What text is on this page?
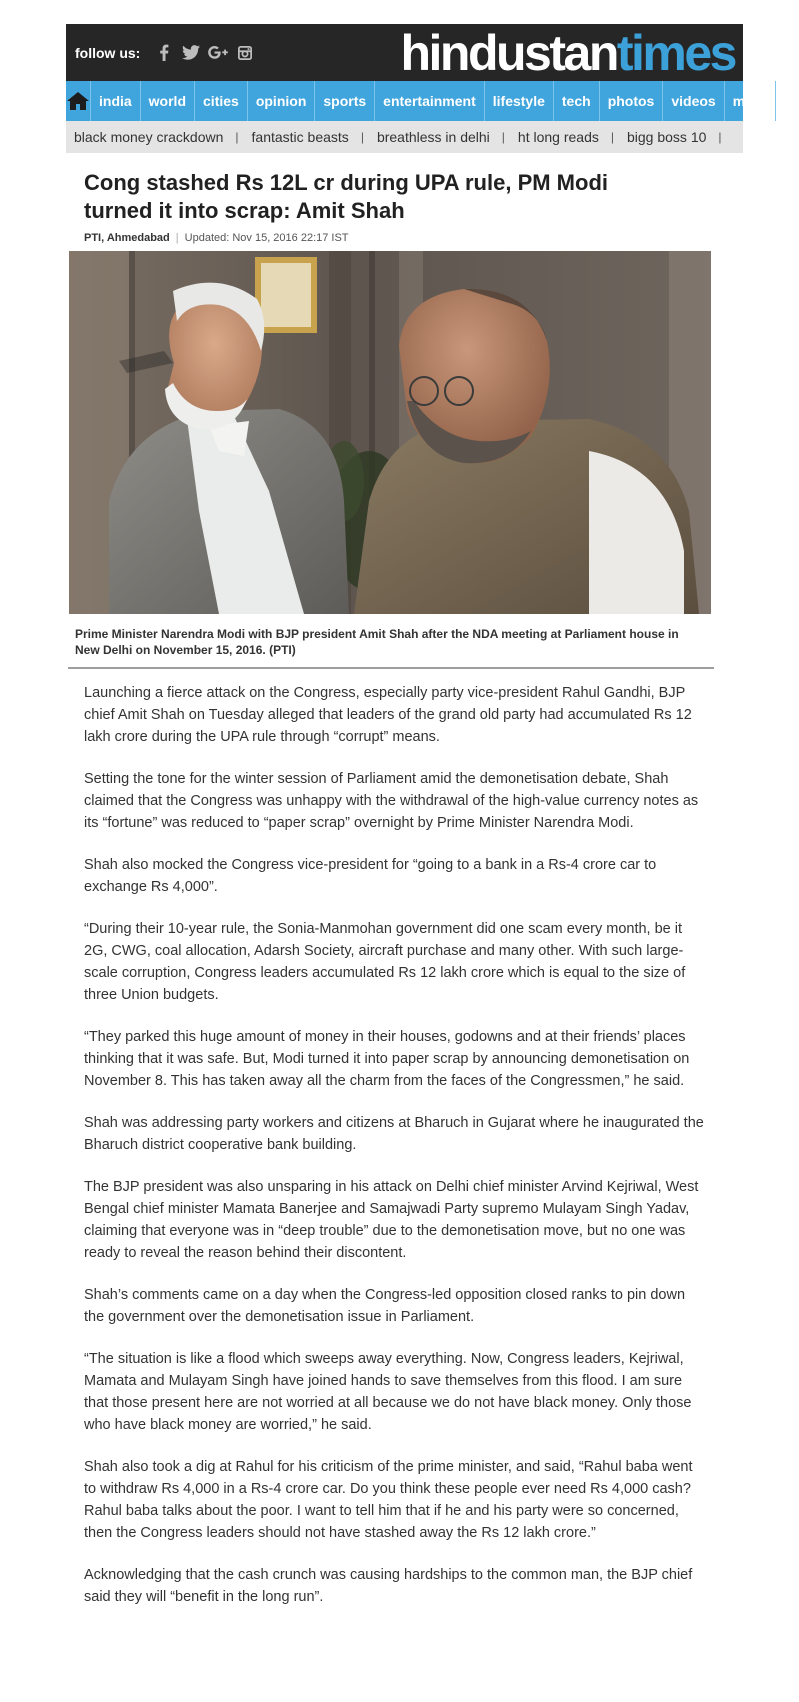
follow us:	hindustan times
india	world	cities	opinion	sports	entertainment	lifestyle	tech	photos	videos	more
black money crackdown | fantastic beasts | breathless in delhi | ht long reads | bigg boss 10 |
Cong stashed Rs 12L cr during UPA rule, PM Modi turned it into scrap: Amit Shah
PTI, Ahmedabad | Updated: Nov 15, 2016 22:17 IST
Prime Minister Narendra Modi with BJP president Amit Shah after the NDA meeting at Parliament house in New Delhi on November 15, 2016. (PTI)

Launching a fierce attack on the Congress, especially party vice-president Rahul Gandhi, BJP chief Amit Shah on Tuesday alleged that leaders of the grand old party had accumulated Rs 12 lakh crore during the UPA rule through “corrupt” means.

Setting the tone for the winter session of Parliament amid the demonetisation debate, Shah claimed that the Congress was unhappy with the withdrawal of the high-value currency notes as its “fortune” was reduced to “paper scrap” overnight by Prime Minister Narendra Modi.

Shah also mocked the Congress vice-president for “going to a bank in a Rs-4 crore car to exchange Rs 4,000”.

“During their 10-year rule, the Sonia-Manmohan government did one scam every month, be it 2G, CWG, coal allocation, Adarsh Society, aircraft purchase and many other. With such large-scale corruption, Congress leaders accumulated Rs 12 lakh crore which is equal to the size of three Union budgets.

“They parked this huge amount of money in their houses, godowns and at their friends’ places thinking that it was safe. But, Modi turned it into paper scrap by announcing demonetisation on November 8. This has taken away all the charm from the faces of the Congressmen,” he said.

Shah was addressing party workers and citizens at Bharuch in Gujarat where he inaugurated the Bharuch district cooperative bank building.

The BJP president was also unsparing in his attack on Delhi chief minister Arvind Kejriwal, West Bengal chief minister Mamata Banerjee and Samajwadi Party supremo Mulayam Singh Yadav, claiming that everyone was in “deep trouble” due to the demonetisation move, but no one was ready to reveal the reason behind their discontent.

Shah’s comments came on a day when the Congress-led opposition closed ranks to pin down the government over the demonetisation issue in Parliament.

“The situation is like a flood which sweeps away everything. Now, Congress leaders, Kejriwal, Mamata and Mulayam Singh have joined hands to save themselves from this flood. I am sure that those present here are not worried at all because we do not have black money. Only those who have black money are worried,” he said.

Shah also took a dig at Rahul for his criticism of the prime minister, and said, “Rahul baba went to withdraw Rs 4,000 in a Rs-4 crore car. Do you think these people ever need Rs 4,000 cash? Rahul baba talks about the poor. I want to tell him that if he and his party were so concerned, then the Congress leaders should not have stashed away the Rs 12 lakh crore.”

Acknowledging that the cash crunch was causing hardships to the common man, the BJP chief said they will “benefit in the long run”.
